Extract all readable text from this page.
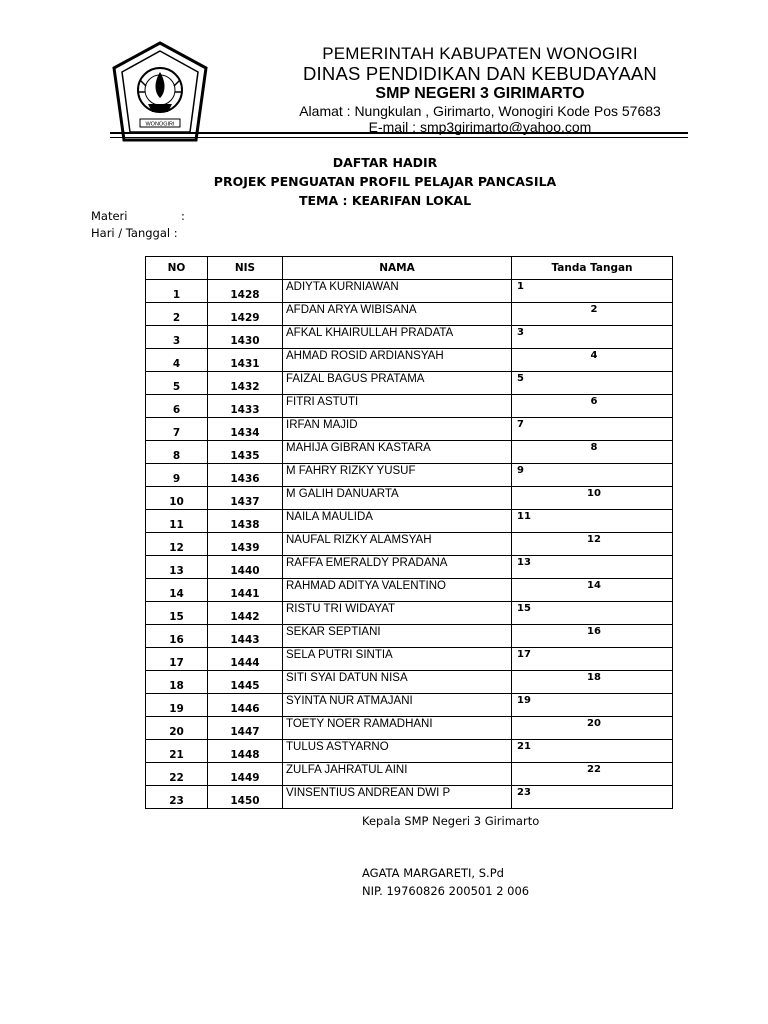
WONOGIRI
PEMERINTAH KABUPATEN WONOGIRI
DINAS PENDIDIKAN DAN KEBUDAYAAN
SMP NEGERI 3 GIRIMARTO
Alamat : Nungkulan , Girimarto, Wonogiri Kode Pos 57683
E-mail : smp3girimarto@yahoo.com
DAFTAR HADIR
PROJEK PENGUATAN PROFIL PELAJAR PANCASILA
TEMA : KEARIFAN LOKAL
Materi	:
Hari / Tanggal :
NO	NIS	NAMA	Tanda Tangan
1	1428	ADIYTA KURNIAWAN	1

2	1429	AFDAN ARYA WIBISANA	2

3	1430	AFKAL KHAIRULLAH PRADATA	3

4	1431	AHMAD ROSID ARDIANSYAH	4

5	1432	FAIZAL BAGUS PRATAMA	5

6	1433	FITRI ASTUTI	6

7	1434	IRFAN MAJID	7

8	1435	MAHIJA GIBRAN KASTARA	8

9	1436	M FAHRY RIZKY YUSUF	9

10	1437	M GALIH DANUARTA	10

11	1438	NAILA MAULIDA	11

12	1439	NAUFAL RIZKY ALAMSYAH	12

13	1440	RAFFA EMERALDY PRADANA	13

14	1441	RAHMAD ADITYA VALENTINO	14

15	1442	RISTU TRI WIDAYAT	15

16	1443	SEKAR SEPTIANI	16

17	1444	SELA PUTRI SINTIA	17

18	1445	SITI SYAI DATUN NISA	18

19	1446	SYINTA NUR ATMAJANI	19

20	1447	TOETY NOER RAMADHANI	20

21	1448	TULUS ASTYARNO	21

22	1449	ZULFA JAHRATUL AINI	22

23	1450	VINSENTIUS ANDREAN DWI P	23
Kepala SMP Negeri 3 Girimarto
AGATA MARGARETI, S.Pd
NIP. 19760826 200501 2 006
